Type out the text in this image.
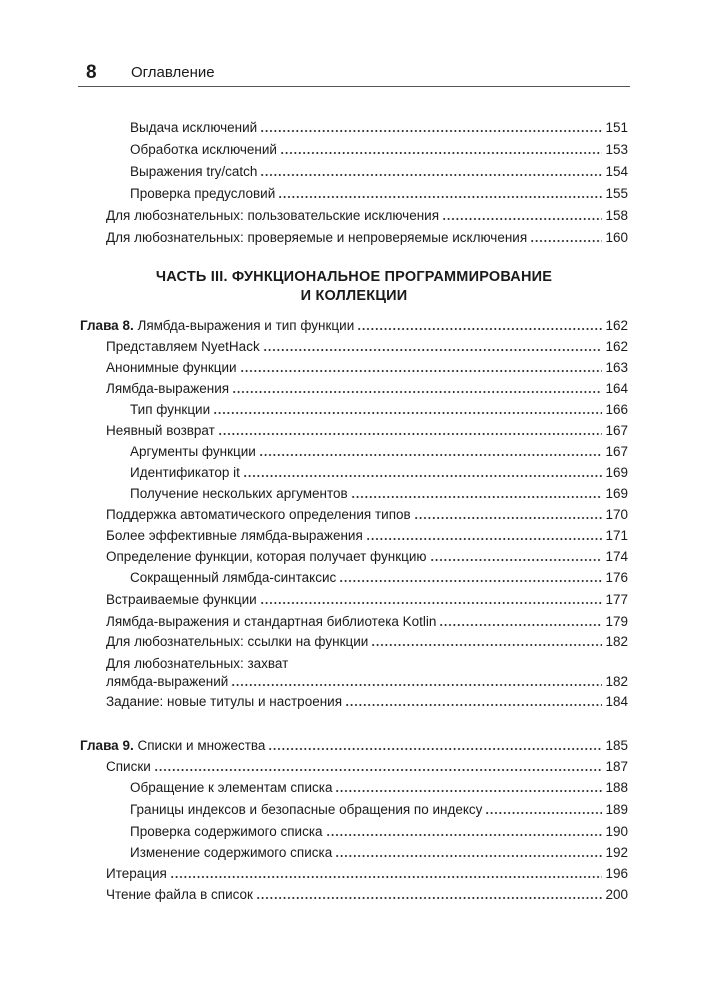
8 Оглавление
Выдача исключений	151
Обработка исключений	153
Выражения try/catch	154
Проверка предусловий	155
Для любознательных: пользовательские исключения	158
Для любознательных: проверяемые и непроверяемые исключения	160
ЧАСТЬ III. ФУНКЦИОНАЛЬНОЕ ПРОГРАММИРОВАНИЕ
И КОЛЛЕКЦИИ
Глава 8. Лямбда-выражения и тип функции	162
Представляем NyetHack	162
Анонимные функции	163
Лямбда-выражения	164
Тип функции	166
Неявный возврат	167
Аргументы функции	167
Идентификатор it	169
Получение нескольких аргументов	169
Поддержка автоматического определения типов	170
Более эффективные лямбда-выражения	171
Определение функции, которая получает функцию	174
Сокращенный лямбда-синтаксис	176
Встраиваемые функции	177
Лямбда-выражения и стандартная библиотека Kotlin	179
Для любознательных: ссылки на функции	182
Для любознательных: захват
лямбда-выражений	182
Задание: новые титулы и настроения	184
Глава 9. Списки и множества	185
Списки	187
Обращение к элементам списка	188
Границы индексов и безопасные обращения по индексу	189
Проверка содержимого списка	190
Изменение содержимого списка	192
Итерация	196
Чтение файла в список	200
